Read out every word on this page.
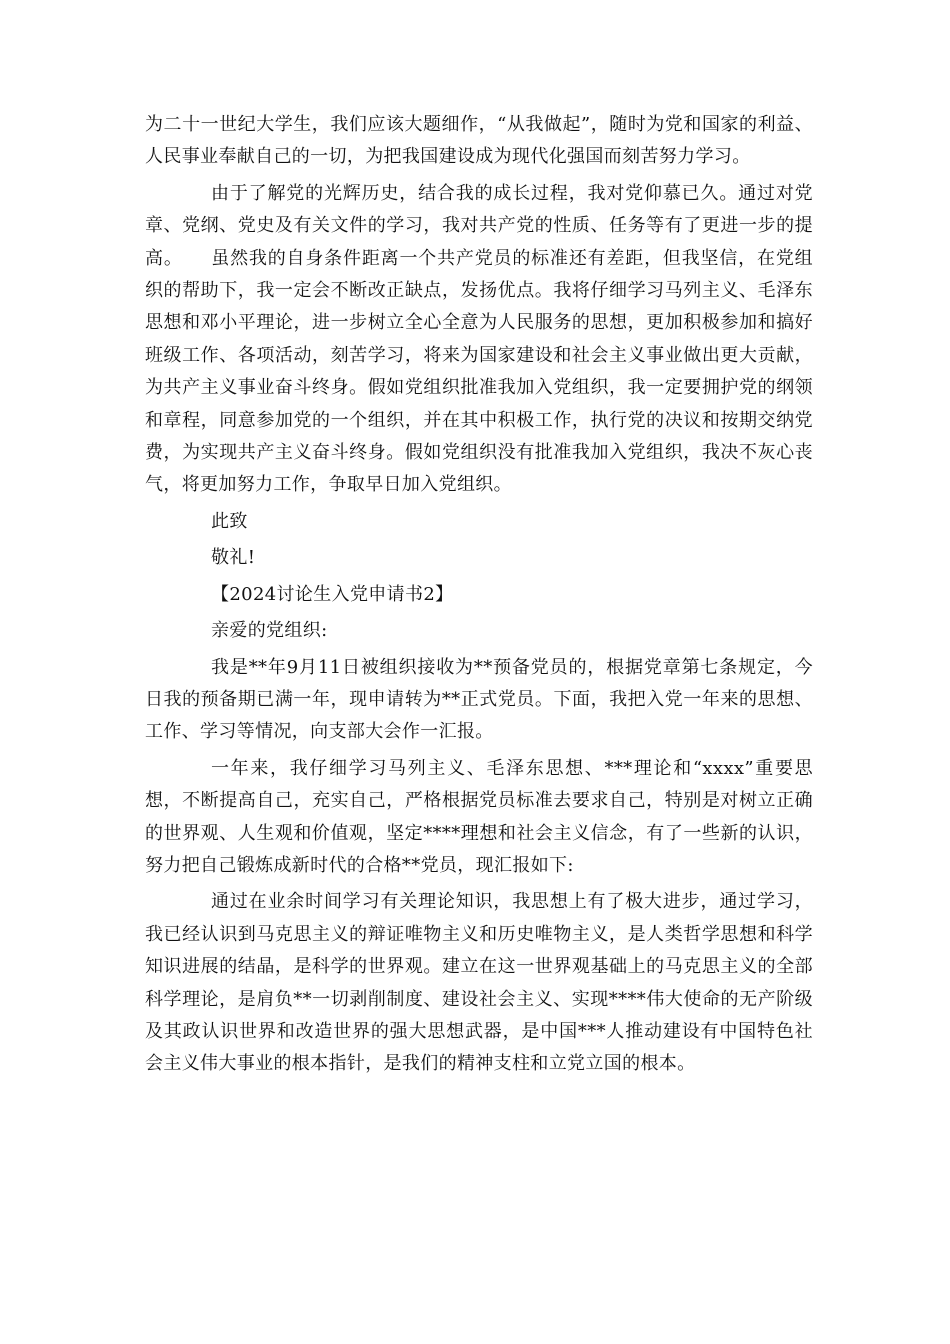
为二十一世纪大学生，我们应该大题细作，“从我做起”，随时为党和国家的利益、人民事业奉献自己的一切，为把我国建设成为现代化强国而刻苦努力学习。

由于了解党的光辉历史，结合我的成长过程，我对党仰慕已久。通过对党章、党纲、党史及有关文件的学习，我对共产党的性质、任务等有了更进一步的提高。　　虽然我的自身条件距离一个共产党员的标准还有差距，但我坚信，在党组织的帮助下，我一定会不断改正缺点，发扬优点。我将仔细学习马列主义、毛泽东思想和邓小平理论，进一步树立全心全意为人民服务的思想，更加积极参加和搞好班级工作、各项活动，刻苦学习，将来为国家建设和社会主义事业做出更大贡献，为共产主义事业奋斗终身。假如党组织批准我加入党组织，我一定要拥护党的纲领和章程，同意参加党的一个组织，并在其中积极工作，执行党的决议和按期交纳党费，为实现共产主义奋斗终身。假如党组织没有批准我加入党组织，我决不灰心丧气，将更加努力工作，争取早日加入党组织。

此致

敬礼!

【2024讨论生入党申请书2】

亲爱的党组织:

我是**年9月11日被组织接收为**预备党员的，根据党章第七条规定，今日我的预备期已满一年，现申请转为**正式党员。下面，我把入党一年来的思想、工作、学习等情况，向支部大会作一汇报。

一年来，我仔细学习马列主义、毛泽东思想、***理论和“xxxx”重要思想，不断提高自己，充实自己，严格根据党员标准去要求自己，特别是对树立正确的世界观、人生观和价值观，坚定****理想和社会主义信念，有了一些新的认识，努力把自己锻炼成新时代的合格**党员，现汇报如下:

通过在业余时间学习有关理论知识，我思想上有了极大进步，通过学习，我已经认识到马克思主义的辩证唯物主义和历史唯物主义，是人类哲学思想和科学知识进展的结晶，是科学的世界观。建立在这一世界观基础上的马克思主义的全部科学理论，是肩负**一切剥削制度、建设社会主义、实现****伟大使命的无产阶级及其政认识世界和改造世界的强大思想武器，是中国***人推动建设有中国特色社会主义伟大事业的根本指针，是我们的精神支柱和立党立国的根本。
